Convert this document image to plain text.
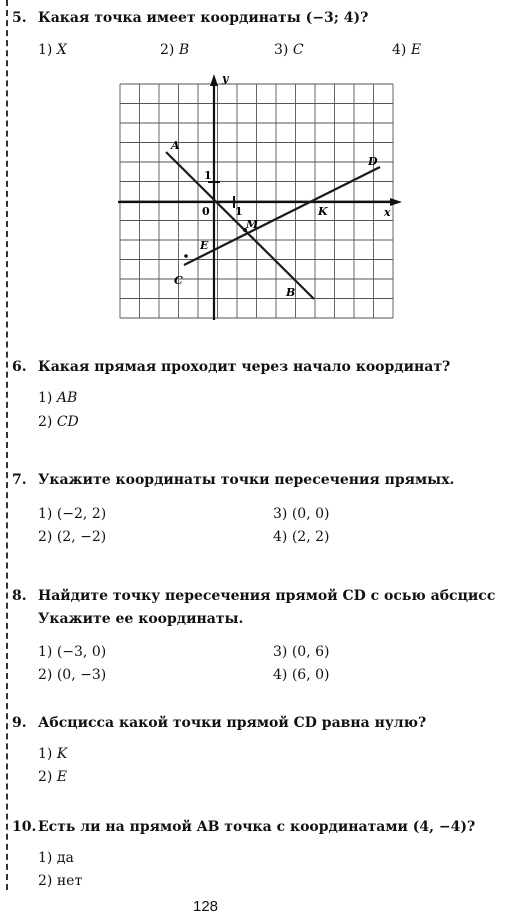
5. Какая точка имеет координаты (−3; 4)?
1) X	2) B	3) C	4) E
y
x
0 1
1
A
B
C
D
E
K
M
6. Какая прямая проходит через начало координат?
1) AB
2) CD
7. Укажите координаты точки пересечения прямых.
1) (−2, 2)
2) (2, −2)
3) (0, 0)
4) (2, 2)
8. Найдите точку пересечения прямой CD с осью абсцисс
Укажите ее координаты.
1) (−3, 0)
2) (0, −3)
3) (0, 6)
4) (6, 0)
9. Абсцисса какой точки прямой CD равна нулю?
1) K
2) E
10. Есть ли на прямой AB точка с координатами (4, −4)?
1) да
2) нет
128
